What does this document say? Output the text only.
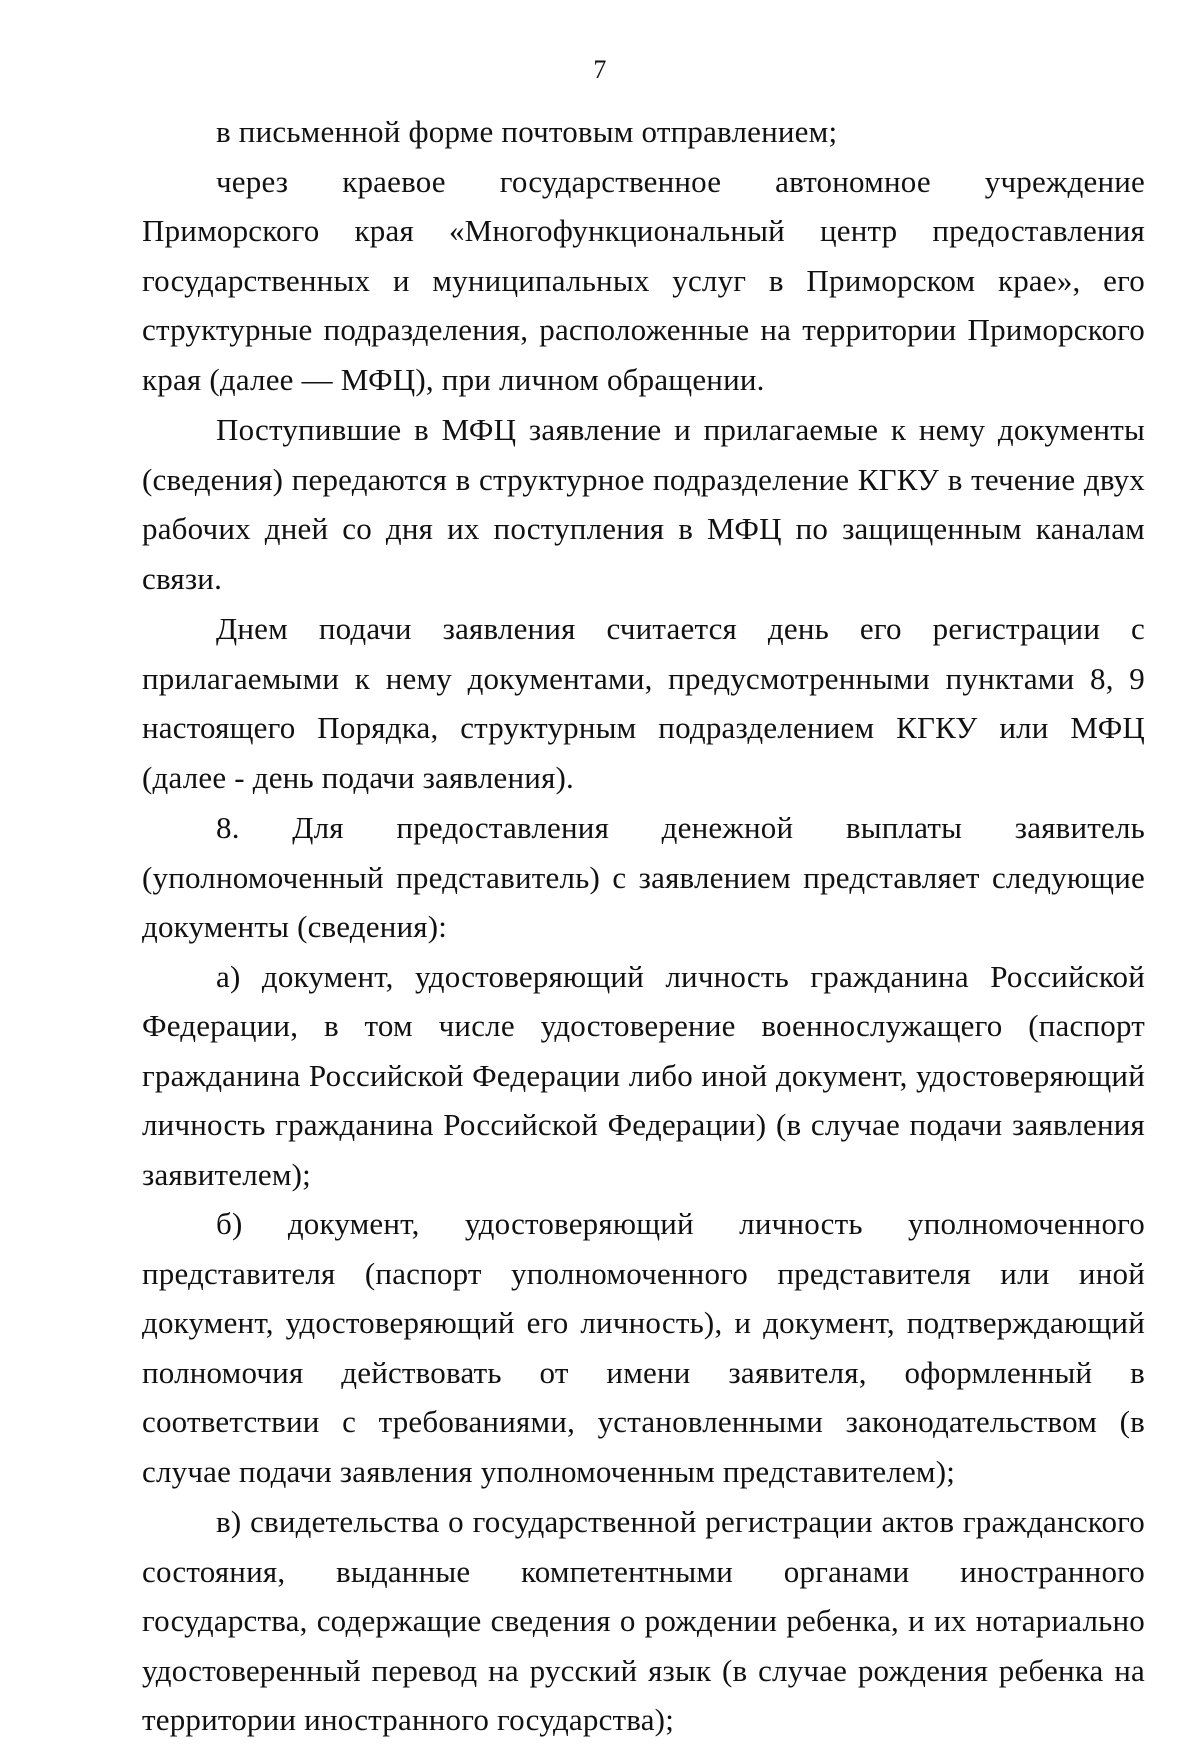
7

в письменной форме почтовым отправлением;

через краевое государственное автономное учреждение Приморского края «Многофункциональный центр предоставления государственных и муниципальных услуг в Приморском крае», его структурные подразделения, расположенные на территории Приморского края (далее — МФЦ), при личном обращении.

Поступившие в МФЦ заявление и прилагаемые к нему документы (сведения) передаются в структурное подразделение КГКУ в течение двух рабочих дней со дня их поступления в МФЦ по защищенным каналам связи.

Днем подачи заявления считается день его регистрации с прилагаемыми к нему документами, предусмотренными пунктами 8, 9 настоящего Порядка, структурным подразделением КГКУ или МФЦ (далее - день подачи заявления).

8. Для предоставления денежной выплаты заявитель (уполномоченный представитель) с заявлением представляет следующие документы (сведения):

а) документ, удостоверяющий личность гражданина Российской Федерации, в том числе удостоверение военнослужащего (паспорт гражданина Российской Федерации либо иной документ, удостоверяющий личность гражданина Российской Федерации) (в случае подачи заявления заявителем);

б) документ, удостоверяющий личность уполномоченного представителя (паспорт уполномоченного представителя или иной документ, удостоверяющий его личность), и документ, подтверждающий полномочия действовать от имени заявителя, оформленный в соответствии с требованиями, установленными законодательством (в случае подачи заявления уполномоченным представителем);

в) свидетельства о государственной регистрации актов гражданского состояния, выданные компетентными органами иностранного государства, содержащие сведения о рождении ребенка, и их нотариально удостоверенный перевод на русский язык (в случае рождения ребенка на территории иностранного государства);
